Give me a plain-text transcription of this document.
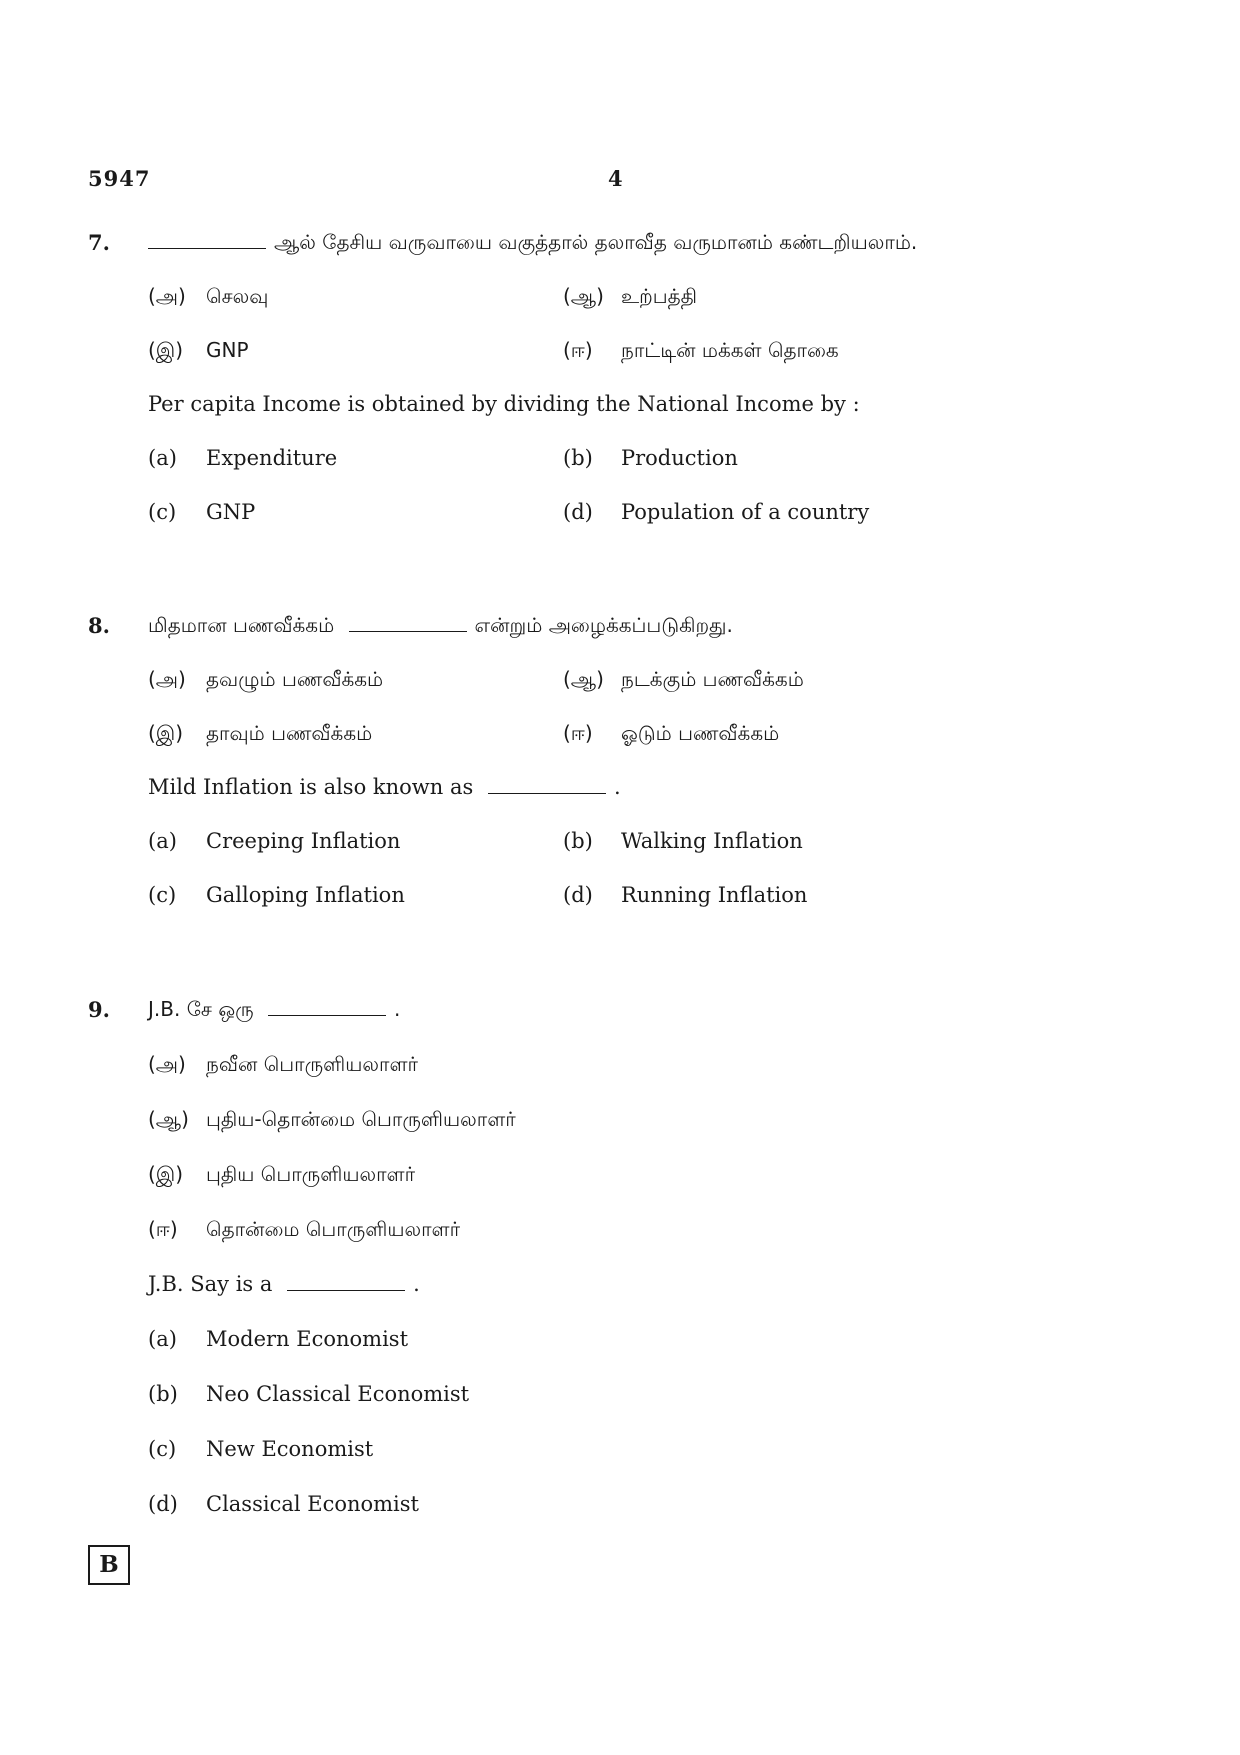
5947	4
7.	ஆல் தேசிய வருவாயை வகுத்தால் தலாவீத வருமானம் கண்டறியலாம்.
(அ) செலவு	(ஆ) உற்பத்தி
(இ) GNP	(ஈ) நாட்டின் மக்கள் தொகை
Per capita Income is obtained by dividing the National Income by :
(a) Expenditure	(b) Production
(c) GNP	(d) Population of a country
8. மிதமான பணவீக்கம்	என்றும் அழைக்கப்படுகிறது.
(அ) தவழும் பணவீக்கம்	(ஆ) நடக்கும் பணவீக்கம்
(இ) தாவும் பணவீக்கம்	(ஈ) ஓடும் பணவீக்கம்
Mild Inflation is also known as	.
(a) Creeping Inflation	(b) Walking Inflation
(c) Galloping Inflation	(d) Running Inflation
9. J.B. சே ஒரு	.
(அ) நவீன பொருளியலாளர்
(ஆ) புதிய-தொன்மை பொருளியலாளர்
(இ) புதிய பொருளியலாளர்
(ஈ) தொன்மை பொருளியலாளர்
J.B. Say is a	.
(a) Modern Economist
(b) Neo Classical Economist
(c) New Economist
(d) Classical Economist
B
